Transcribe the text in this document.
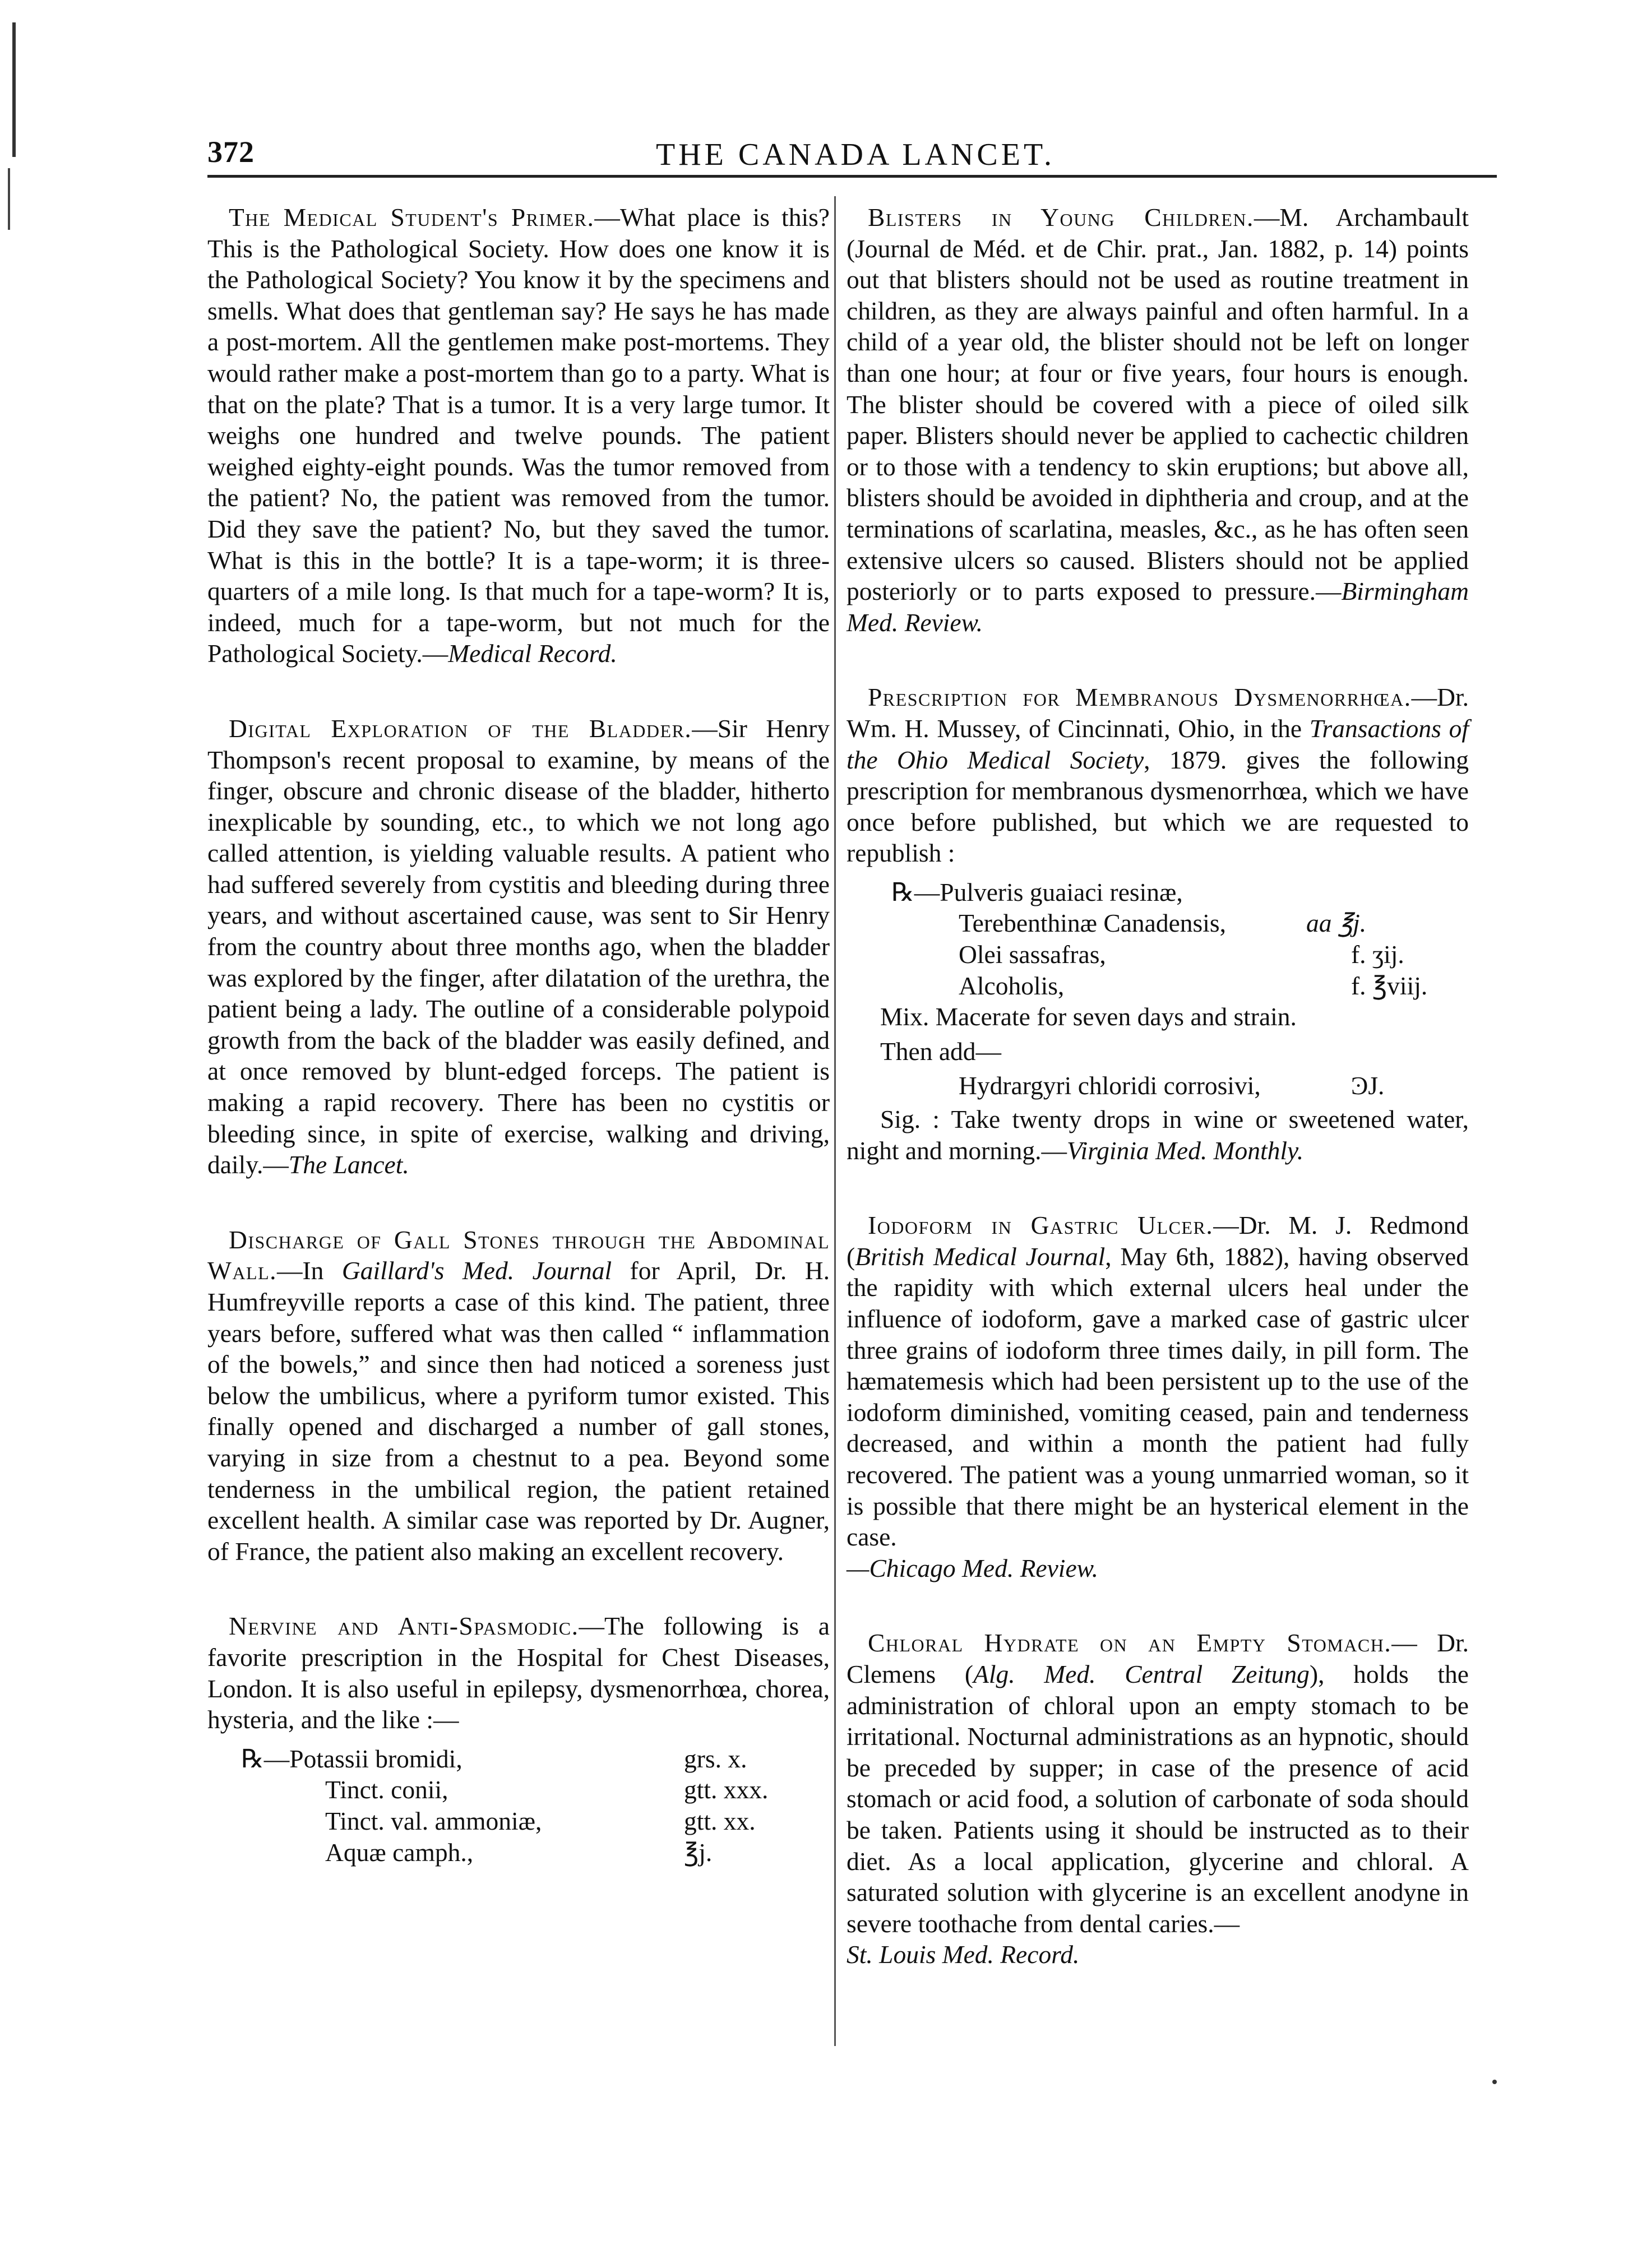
372	THE CANADA LANCET.

The Medical Student's Primer.—What place is this? This is the Pathological Society. How does one know it is the Pathological Society? You know it by the specimens and smells. What does that gentleman say? He says he has made a post-mortem. All the gentlemen make post-mortems. They would rather make a post-mortem than go to a party. What is that on the plate? That is a tumor. It is a very large tumor. It weighs one hundred and twelve pounds. The patient weighed eighty-eight pounds. Was the tumor removed from the patient? No, the patient was removed from the tumor. Did they save the patient? No, but they saved the tumor. What is this in the bottle? It is a tape-worm; it is three-quarters of a mile long. Is that much for a tape-worm? It is, indeed, much for a tape-worm, but not much for the Pathological Society.—Medical Record.

Digital Exploration of the Bladder.—Sir Henry Thompson's recent proposal to examine, by means of the finger, obscure and chronic disease of the bladder, hitherto inexplicable by sounding, etc., to which we not long ago called attention, is yielding valuable results. A patient who had suffered severely from cystitis and bleeding during three years, and without ascertained cause, was sent to Sir Henry from the country about three months ago, when the bladder was explored by the finger, after dilatation of the urethra, the patient being a lady. The outline of a considerable polypoid growth from the back of the bladder was easily defined, and at once removed by blunt-edged forceps. The patient is making a rapid recovery. There has been no cystitis or bleeding since, in spite of exercise, walking and driving, daily.—The Lancet.

Discharge of Gall Stones through the Abdominal Wall.—In Gaillard's Med. Journal for April, Dr. H. Humfreyville reports a case of this kind. The patient, three years before, suffered what was then called “ inflammation of the bowels,” and since then had noticed a soreness just below the umbilicus, where a pyriform tumor existed. This finally opened and discharged a number of gall stones, varying in size from a chestnut to a pea. Beyond some tenderness in the umbilical region, the patient retained excellent health. A similar case was reported by Dr. Augner, of France, the patient also making an excellent recovery.

Nervine and Anti-Spasmodic.—The following is a favorite prescription in the Hospital for Chest Diseases, London. It is also useful in epilepsy, dysmenorrhœa, chorea, hysteria, and the like :—

℞—Potassii bromidi,	grs. x.
Tinct. conii,	gtt. xxx.
Tinct. val. ammoniæ,	gtt. xx.
Aquæ camph.,	℥j.

Blisters in Young Children.—M. Archambault (Journal de Méd. et de Chir. prat., Jan. 1882, p. 14) points out that blisters should not be used as routine treatment in children, as they are always painful and often harmful. In a child of a year old, the blister should not be left on longer than one hour; at four or five years, four hours is enough. The blister should be covered with a piece of oiled silk paper. Blisters should never be applied to cachectic children or to those with a tendency to skin eruptions; but above all, blisters should be avoided in diphtheria and croup, and at the terminations of scarlatina, measles, &c., as he has often seen extensive ulcers so caused. Blisters should not be applied posteriorly or to parts exposed to pressure.—Birmingham Med. Review.

Prescription for Membranous Dysmenorrhœa.—Dr. Wm. H. Mussey, of Cincinnati, Ohio, in the Transactions of the Ohio Medical Society, 1879. gives the following prescription for membranous dysmenorrhœa, which we have once before published, but which we are requested to republish :

℞—Pulveris guaiaci resinæ,
Terebenthinæ Canadensis,	aa ℥j.
Olei sassafras,	f. ʒij.
Alcoholis,	f. ℥viij.
Mix. Macerate for seven days and strain.
Then add—
Hydrargyri chloridi corrosivi,	ϿJ.

Sig. : Take twenty drops in wine or sweetened water, night and morning.—Virginia Med. Monthly.

Iodoform in Gastric Ulcer.—Dr. M. J. Redmond (British Medical Journal, May 6th, 1882), having observed the rapidity with which external ulcers heal under the influence of iodoform, gave a marked case of gastric ulcer three grains of iodoform three times daily, in pill form. The hæmatemesis which had been persistent up to the use of the iodoform diminished, vomiting ceased, pain and tenderness decreased, and within a month the patient had fully recovered. The patient was a young unmarried woman, so it is possible that there might be an hysterical element in the case.
—Chicago Med. Review.

Chloral Hydrate on an Empty Stomach.— Dr. Clemens (Alg. Med. Central Zeitung), holds the administration of chloral upon an empty stomach to be irritational. Nocturnal administrations as an hypnotic, should be preceded by supper; in case of the presence of acid stomach or acid food, a solution of carbonate of soda should be taken. Patients using it should be instructed as to their diet. As a local application, glycerine and chloral. A saturated solution with glycerine is an excellent anodyne in severe toothache from dental caries.—
St. Louis Med. Record.
